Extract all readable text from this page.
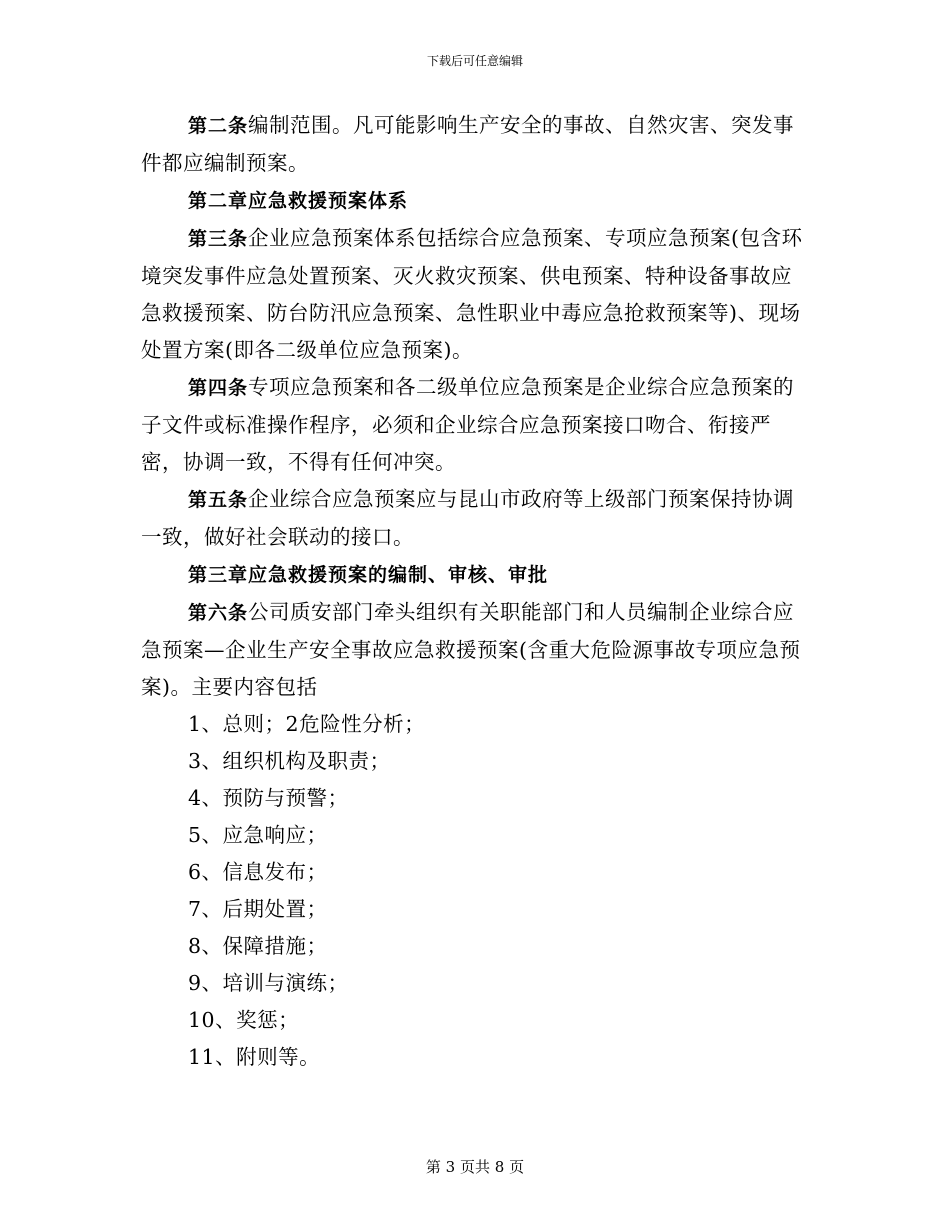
下载后可任意编辑

第二条编制范围。凡可能影响生产安全的事故、自然灾害、突发事件都应编制预案。

第二章应急救援预案体系

第三条企业应急预案体系包括综合应急预案、专项应急预案(包含环境突发事件应急处置预案、灭火救灾预案、供电预案、特种设备事故应急救援预案、防台防汛应急预案、急性职业中毒应急抢救预案等)、现场处置方案(即各二级单位应急预案)。

第四条专项应急预案和各二级单位应急预案是企业综合应急预案的子文件或标准操作程序，必须和企业综合应急预案接口吻合、衔接严密，协调一致，不得有任何冲突。

第五条企业综合应急预案应与昆山市政府等上级部门预案保持协调一致，做好社会联动的接口。

第三章应急救援预案的编制、审核、审批

第六条公司质安部门牵头组织有关职能部门和人员编制企业综合应急预案—企业生产安全事故应急救援预案(含重大危险源事故专项应急预案)。主要内容包括

1、总则；2危险性分析；

3、组织机构及职责；

4、预防与预警；

5、应急响应；

6、信息发布；

7、后期处置；

8、保障措施；

9、培训与演练；

10、奖惩；

11、附则等。

第 3 页共 8 页
